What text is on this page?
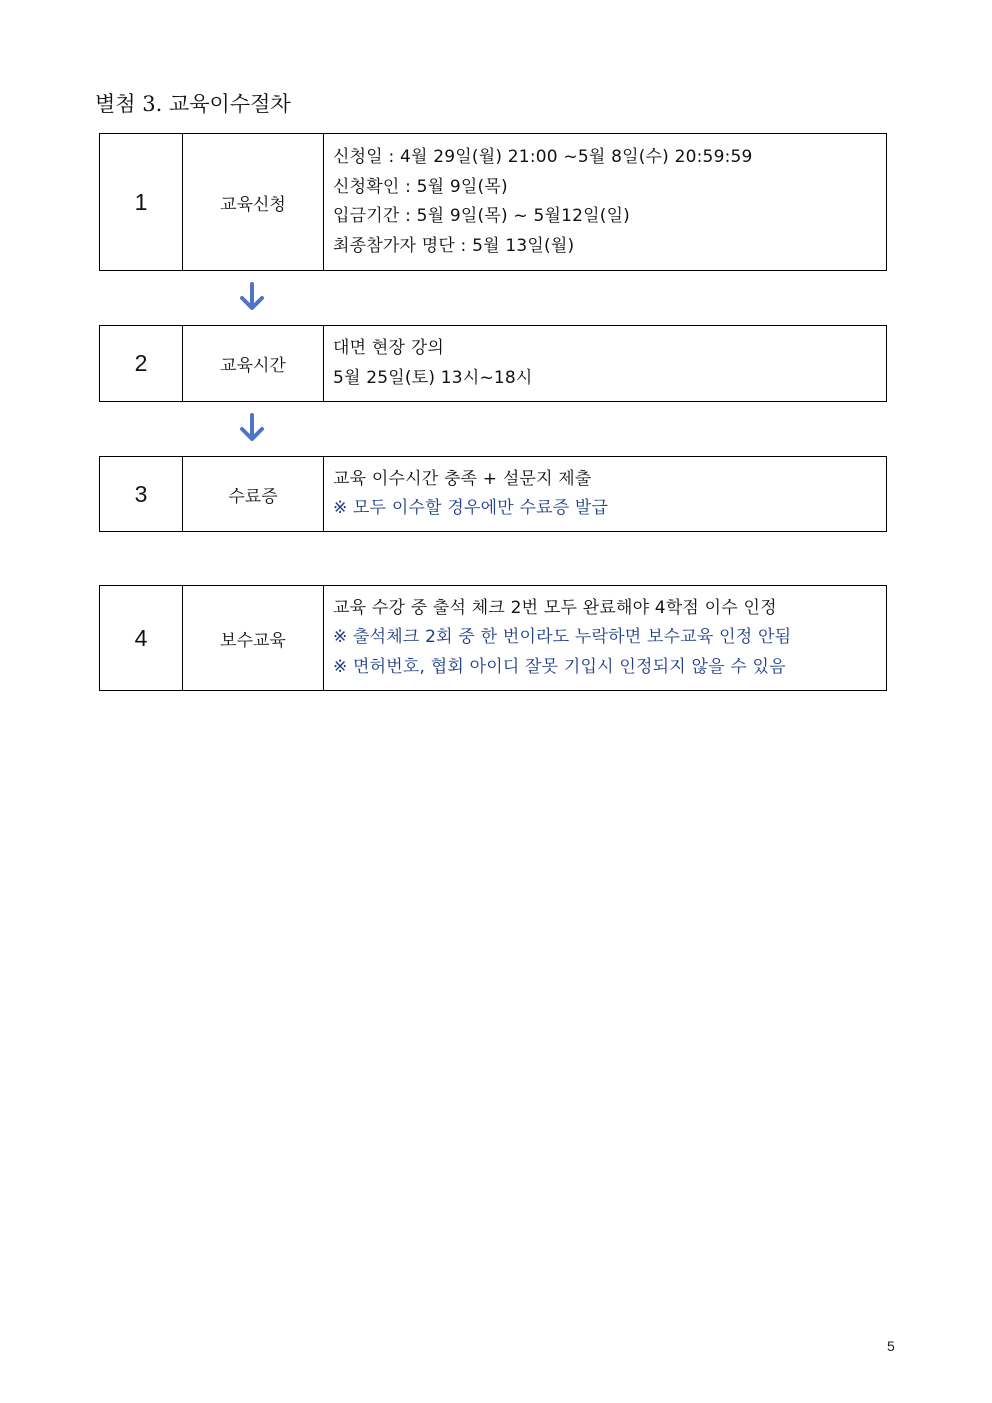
별첨 3. 교육이수절차
1	교육신청
신청일 : 4월 29일(월) 21:00 ~5월 8일(수) 20:59:59
신청확인 : 5월 9일(목)
입금기간 : 5월 9일(목) ~ 5월12일(일)
최종참가자 명단 : 5월 13일(월)
2	교육시간
대면 현장 강의
5월 25일(토) 13시~18시
3	수료증
교육 이수시간 충족 + 설문지 제출
※ 모두 이수할 경우에만 수료증 발급
4	보수교육
교육 수강 중 출석 체크 2번 모두 완료해야 4학점 이수 인정
※ 출석체크 2회 중 한 번이라도 누락하면 보수교육 인정 안됨
※ 면허번호, 협회 아이디 잘못 기입시 인정되지 않을 수 있음
5
